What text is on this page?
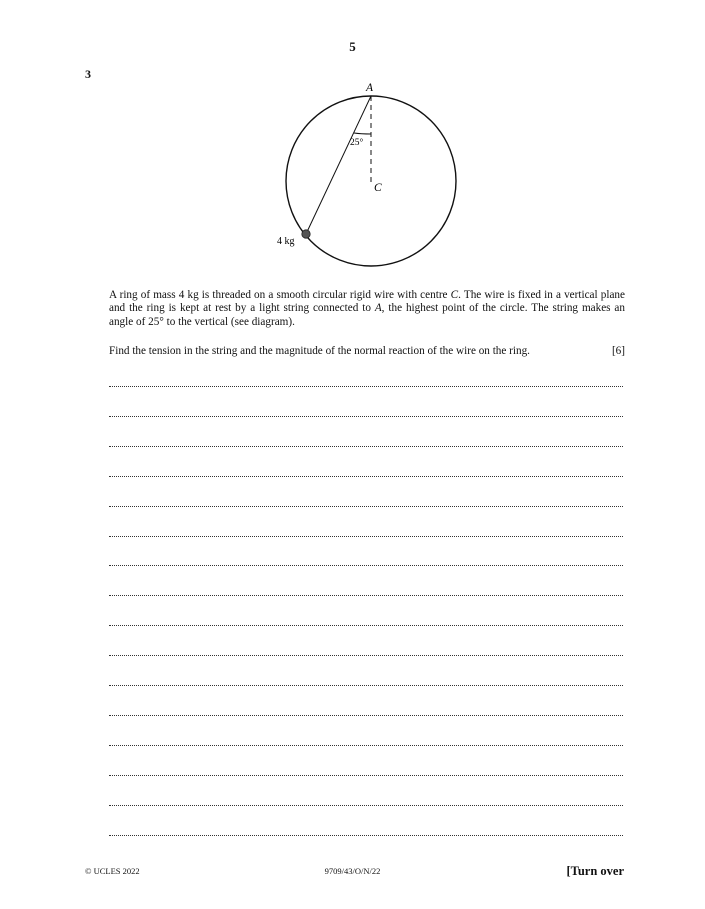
5
3
A
25°
C
4 kg

A ring of mass 4 kg is threaded on a smooth circular rigid wire with centre C. The wire is fixed in a vertical plane and the ring is kept at rest by a light string connected to A, the highest point of the circle. The string makes an angle of 25° to the vertical (see diagram).

Find the tension in the string and the magnitude of the normal reaction of the wire on the ring.	[6]
© UCLES 2022	9709/43/O/N/22	[Turn over
